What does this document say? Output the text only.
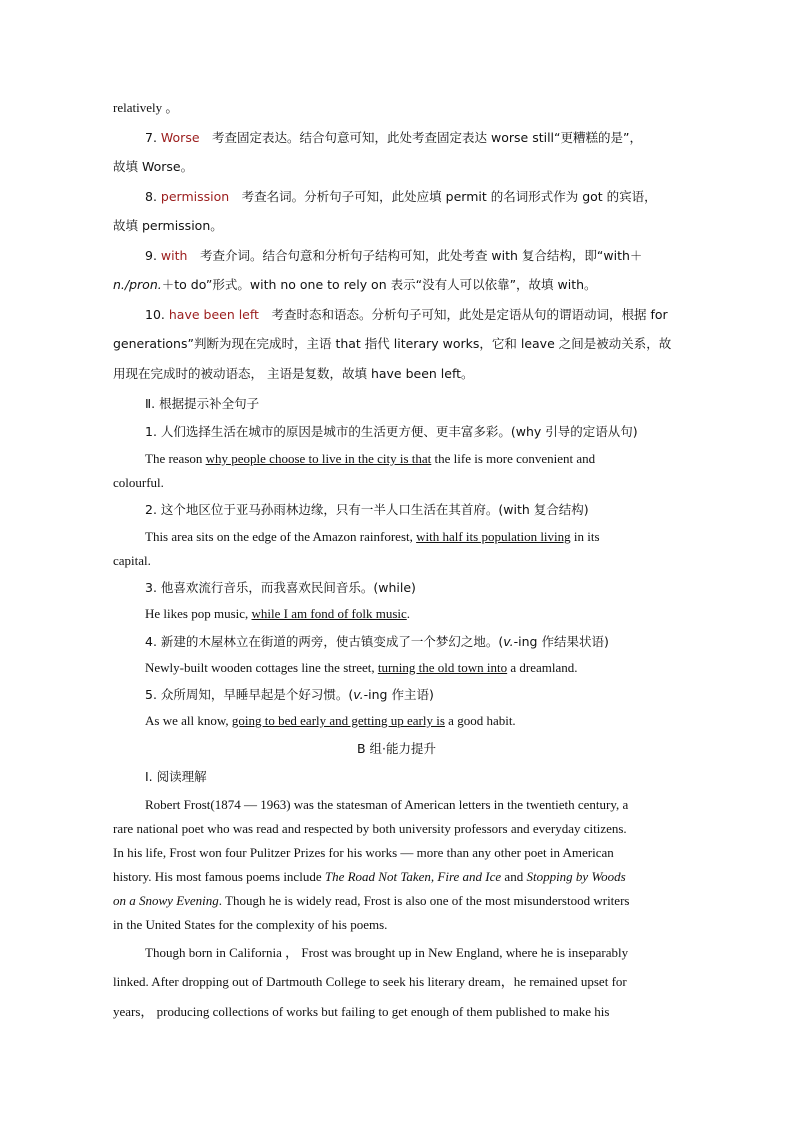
relatively 。
7. Worse　考查固定表达。结合句意可知，此处考查固定表达 worse still“更糟糕的是”，
故填 Worse。
8. permission　考查名词。分析句子可知，此处应填 permit 的名词形式作为 got 的宾语，
故填 permission。
9. with　考查介词。结合句意和分析句子结构可知，此处考查 with 复合结构，即“with＋
n./pron.＋to do”形式。with no one to rely on 表示“没有人可以依靠”，故填 with。
10. have been left　考查时态和语态。分析句子可知，此处是定语从句的谓语动词，根据 for
generations”判断为现在完成时，主语 that 指代 literary works，它和 leave 之间是被动关系，故
用现在完成时的被动语态， 主语是复数，故填 have been left。
Ⅱ. 根据提示补全句子
1. 人们选择生活在城市的原因是城市的生活更方便、更丰富多彩。(why 引导的定语从句)
The reason why people choose to live in the city is that the life is more convenient and
colourful.
2. 这个地区位于亚马孙雨林边缘，只有一半人口生活在其首府。(with 复合结构)
This area sits on the edge of the Amazon rainforest, with half its population living in its
capital.
3. 他喜欢流行音乐，而我喜欢民间音乐。(while)
He likes pop music, while I am fond of folk music.
4. 新建的木屋林立在街道的两旁，使古镇变成了一个梦幻之地。(v.-ing 作结果状语)
Newly-built wooden cottages line the street, turning the old town into a dreamland.
5. 众所周知，早睡早起是个好习惯。(v.-ing 作主语)
As we all know, going to bed early and getting up early is a good habit.
B 组·能力提升
Ⅰ. 阅读理解
Robert Frost(1874 — 1963) was the statesman of American letters in the twentieth century, a
rare national poet who was read and respected by both university professors and everyday citizens.
In his life, Frost won four Pulitzer Prizes for his works — more than any other poet in American
history. His most famous poems include The Road Not Taken, Fire and Ice and Stopping by Woods
on a Snowy Evening. Though he is widely read, Frost is also one of the most misunderstood writers
in the United States for the complexity of his poems.
Though born in California ， Frost was brought up in New England, where he is inseparably
linked. After dropping out of Dartmouth College to seek his literary dream，he remained upset for
years， producing collections of works but failing to get enough of them published to make his
